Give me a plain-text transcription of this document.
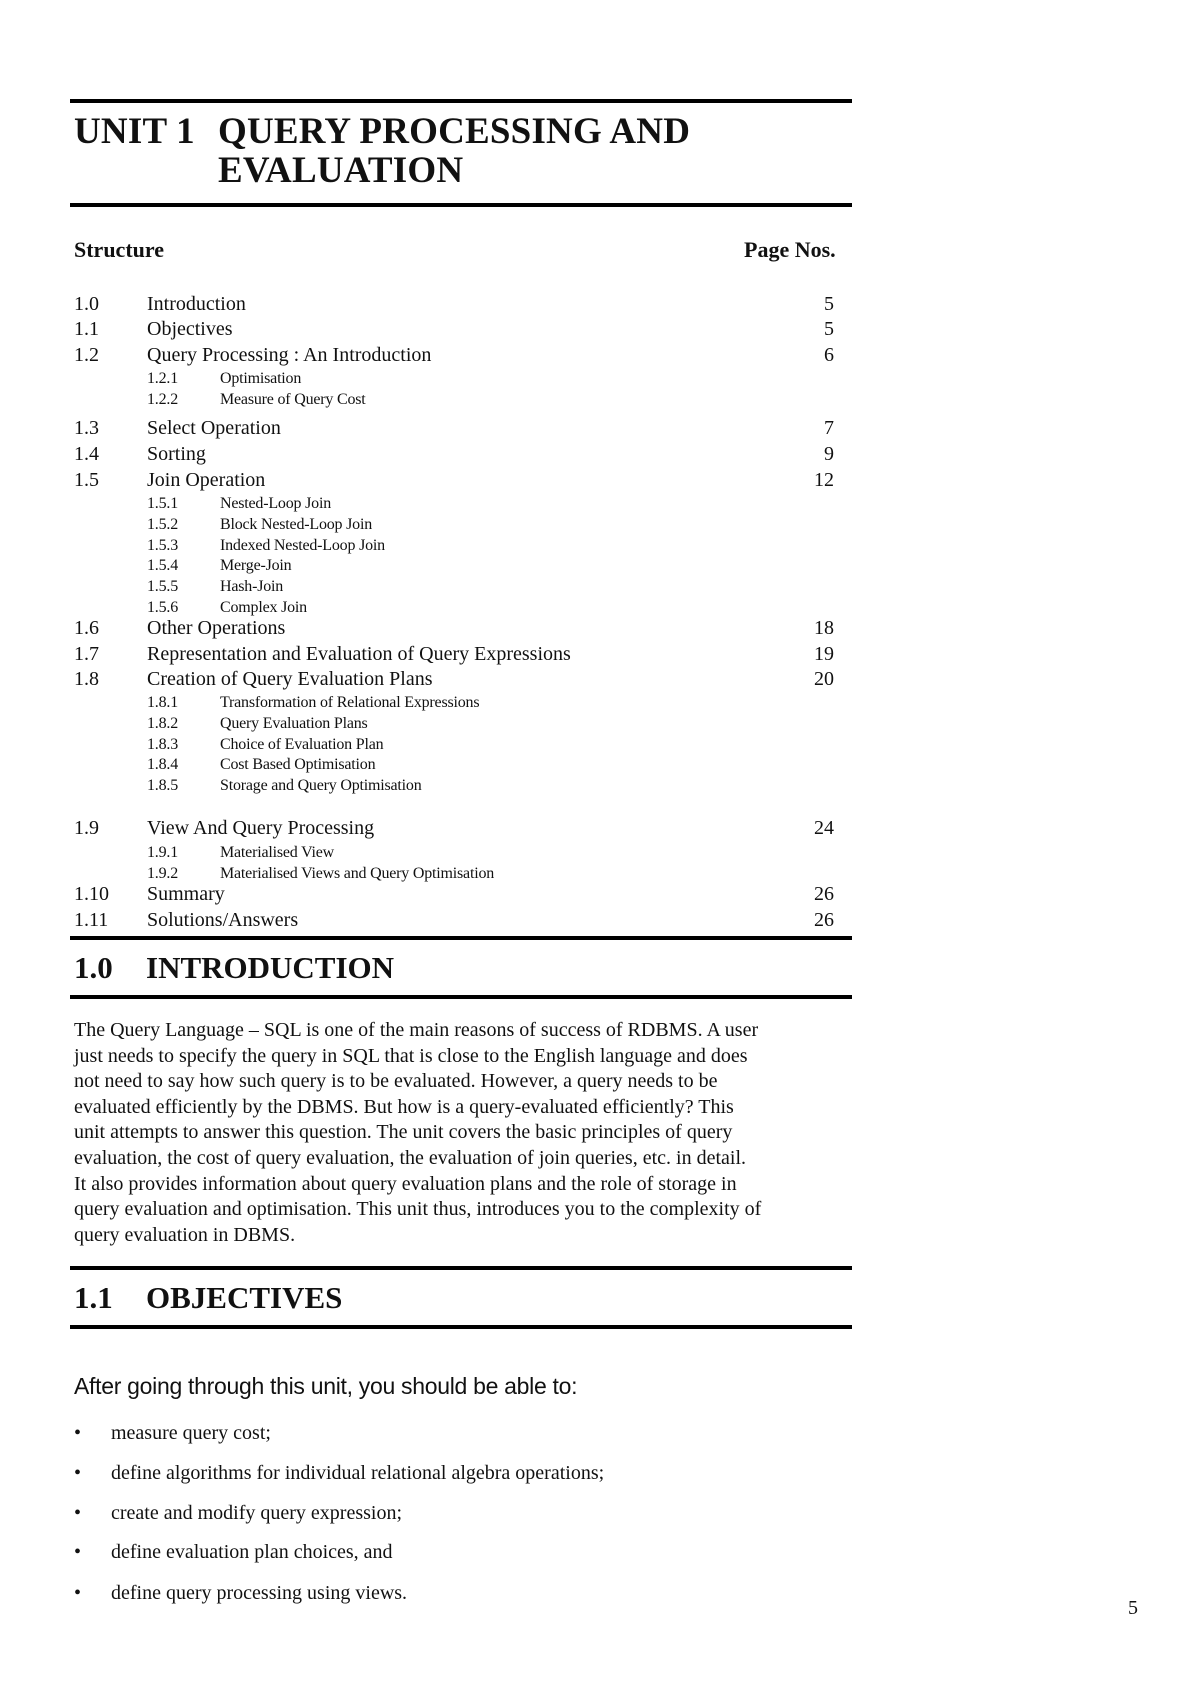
UNIT 1 QUERY PROCESSING AND
EVALUATION
Structure	Page Nos.
1.0 Introduction	5
1.1 Objectives	5
1.2 Query Processing : An Introduction	6
1.2.1	Optimisation
1.2.2	Measure of Query Cost
1.3 Select Operation	7
1.4 Sorting	9
1.5 Join Operation	12
1.5.1	Nested-Loop Join
1.5.2	Block Nested-Loop Join
1.5.3	Indexed Nested-Loop Join
1.5.4	Merge-Join
1.5.5	Hash-Join
1.5.6	Complex Join
1.6 Other Operations	18
1.7 Representation and Evaluation of Query Expressions	19
1.8 Creation of Query Evaluation Plans	20
1.8.1	Transformation of Relational Expressions
1.8.2	Query Evaluation Plans
1.8.3	Choice of Evaluation Plan
1.8.4	Cost Based Optimisation
1.8.5	Storage and Query Optimisation
1.9 View And Query Processing	24
1.9.1	Materialised View
1.9.2	Materialised Views and Query Optimisation
1.10 Summary	26
1.11 Solutions/Answers	26
1.0 INTRODUCTION
The Query Language – SQL is one of the main reasons of success of RDBMS. A user
just needs to specify the query in SQL that is close to the English language and does
not need to say how such query is to be evaluated. However, a query needs to be
evaluated efficiently by the DBMS. But how is a query-evaluated efficiently? This
unit attempts to answer this question. The unit covers the basic principles of query
evaluation, the cost of query evaluation, the evaluation of join queries, etc. in detail.
It also provides information about query evaluation plans and the role of storage in
query evaluation and optimisation. This unit thus, introduces you to the complexity of
query evaluation in DBMS.
1.1 OBJECTIVES
After going through this unit, you should be able to:
• measure query cost;
• define algorithms for individual relational algebra operations;
• create and modify query expression;
• define evaluation plan choices, and
• define query processing using views.
5
